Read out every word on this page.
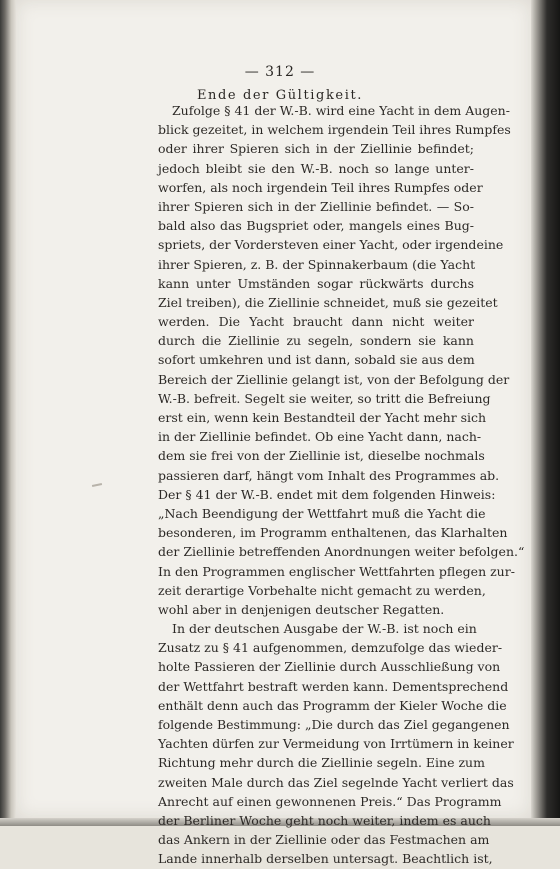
— 312 —
Ende der Gültigkeit.
Zufolge § 41 der W.-B. wird eine Yacht in dem Augen-
blick gezeitet, in welchem irgendein Teil ihres Rumpfes
oder ihrer Spieren sich in der Ziellinie befindet;
jedoch bleibt sie den W.-B. noch so lange unter-
worfen, als noch irgendein Teil ihres Rumpfes oder
ihrer Spieren sich in der Ziellinie befindet. — So-
bald also das Bugspriet oder, mangels eines Bug-
spriets, der Vordersteven einer Yacht, oder irgendeine
ihrer Spieren, z. B. der Spinnakerbaum (die Yacht
kann unter Umständen sogar rückwärts durchs
Ziel treiben), die Ziellinie schneidet, muß sie gezeitet
werden. Die Yacht braucht dann nicht weiter
durch die Ziellinie zu segeln, sondern sie kann
sofort umkehren und ist dann, sobald sie aus dem
Bereich der Ziellinie gelangt ist, von der Befolgung der
W.-B. befreit. Segelt sie weiter, so tritt die Befreiung
erst ein, wenn kein Bestandteil der Yacht mehr sich
in der Ziellinie befindet. Ob eine Yacht dann, nach-
dem sie frei von der Ziellinie ist, dieselbe nochmals
passieren darf, hängt vom Inhalt des Programmes ab.
Der § 41 der W.-B. endet mit dem folgenden Hinweis:
„Nach Beendigung der Wettfahrt muß die Yacht die
besonderen, im Programm enthaltenen, das Klarhalten
der Ziellinie betreffenden Anordnungen weiter befolgen.“
In den Programmen englischer Wettfahrten pflegen zur-
zeit derartige Vorbehalte nicht gemacht zu werden,
wohl aber in denjenigen deutscher Regatten.
In der deutschen Ausgabe der W.-B. ist noch ein
Zusatz zu § 41 aufgenommen, demzufolge das wieder-
holte Passieren der Ziellinie durch Ausschließung von
der Wettfahrt bestraft werden kann. Dementsprechend
enthält denn auch das Programm der Kieler Woche die
folgende Bestimmung: „Die durch das Ziel gegangenen
Yachten dürfen zur Vermeidung von Irrtümern in keiner
Richtung mehr durch die Ziellinie segeln. Eine zum
zweiten Male durch das Ziel segelnde Yacht verliert das
Anrecht auf einen gewonnenen Preis.“ Das Programm
der Berliner Woche geht noch weiter, indem es auch
das Ankern in der Ziellinie oder das Festmachen am
Lande innerhalb derselben untersagt. Beachtlich ist,
